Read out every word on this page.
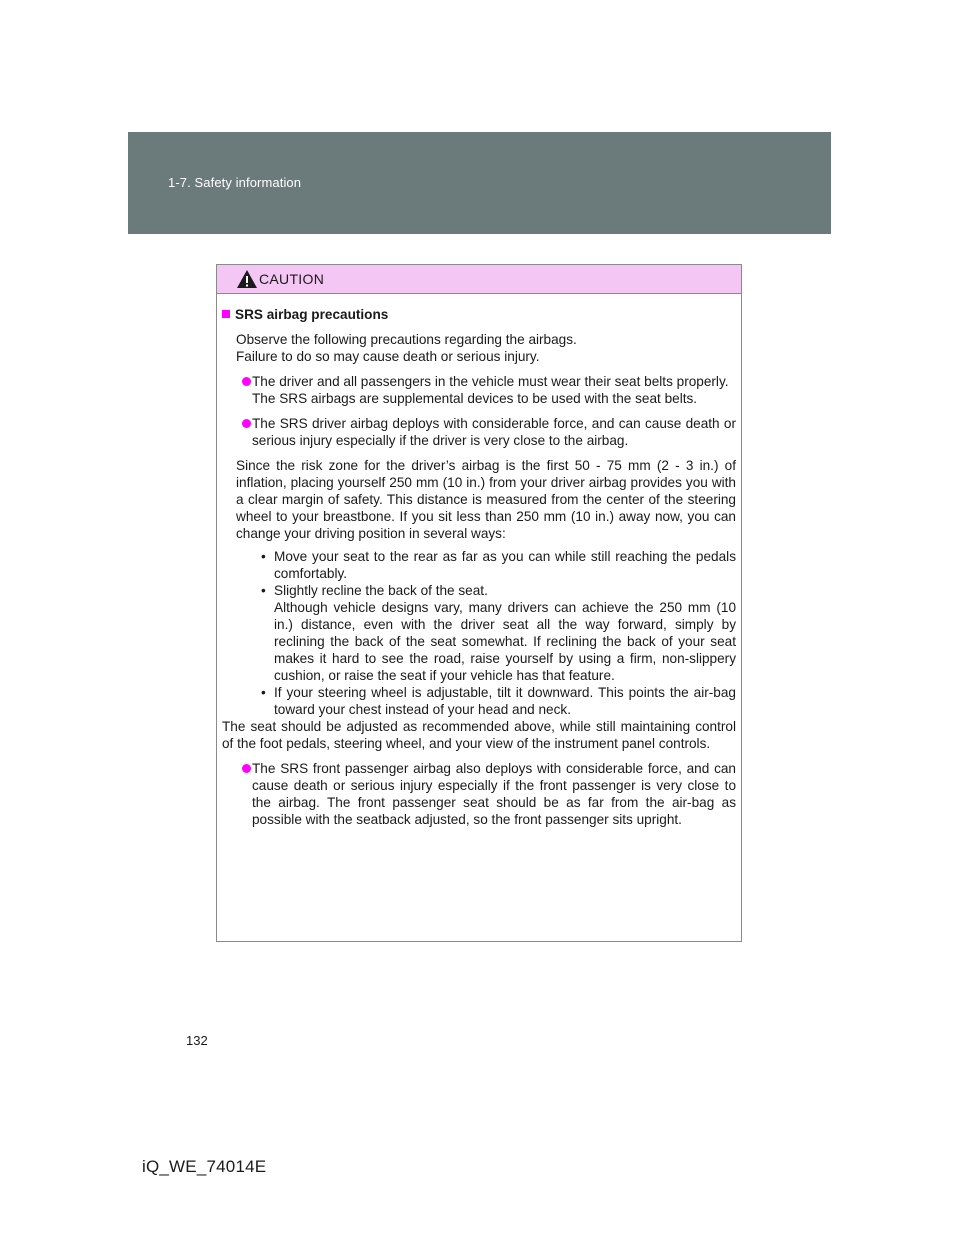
1-7. Safety information
CAUTION
SRS airbag precautions
Observe the following precautions regarding the airbags.
Failure to do so may cause death or serious injury.
The driver and all passengers in the vehicle must wear their seat belts properly.
The SRS airbags are supplemental devices to be used with the seat belts.
The SRS driver airbag deploys with considerable force, and can cause death or serious injury especially if the driver is very close to the airbag.
Since the risk zone for the driver’s airbag is the first 50 - 75 mm (2 - 3 in.) of inflation, placing yourself 250 mm (10 in.) from your driver airbag provides you with a clear margin of safety. This distance is measured from the center of the steering wheel to your breastbone. If you sit less than 250 mm (10 in.) away now, you can change your driving position in several ways:
• Move your seat to the rear as far as you can while still reaching the pedals comfortably.
• Slightly recline the back of the seat.
Although vehicle designs vary, many drivers can achieve the 250 mm (10 in.) distance, even with the driver seat all the way forward, simply by reclining the back of the seat somewhat. If reclining the back of your seat makes it hard to see the road, raise yourself by using a firm, non-slippery cushion, or raise the seat if your vehicle has that feature.
• If your steering wheel is adjustable, tilt it downward. This points the air-bag toward your chest instead of your head and neck.
The seat should be adjusted as recommended above, while still maintaining control of the foot pedals, steering wheel, and your view of the instrument panel controls.
The SRS front passenger airbag also deploys with considerable force, and can cause death or serious injury especially if the front passenger is very close to the airbag. The front passenger seat should be as far from the air-bag as possible with the seatback adjusted, so the front passenger sits upright.
132
iQ_WE_74014E
